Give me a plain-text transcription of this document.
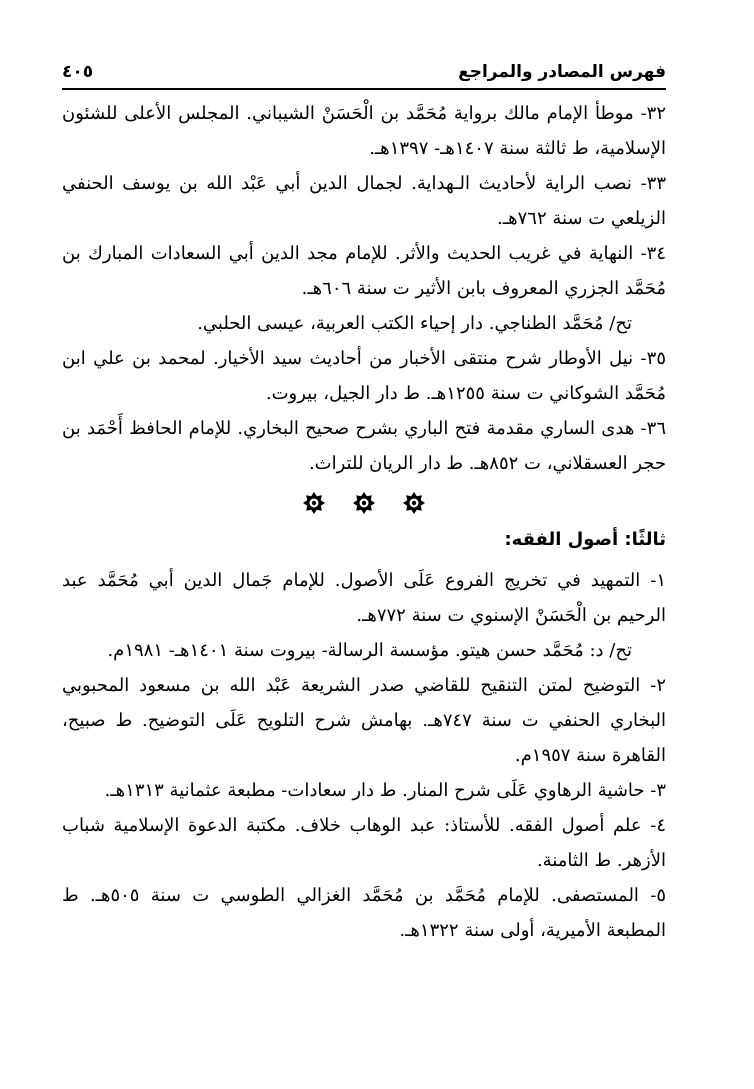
فهرس المصادر والمراجع
٤٠٥

٣٢- موطأ الإمام مالك برواية مُحَمَّد بن الْحَسَنْ الشيباني. المجلس الأعلى للشئون الإسلامية، ط ثالثة سنة ١٤٠٧هـ- ١٣٩٧هـ.

٣٣- نصب الراية لأحاديث الـهداية. لجمال الدين أبي عَبْد الله بن يوسف الحنفي الزيلعي ت سنة ٧٦٢هـ.

٣٤- النهاية في غريب الحديث والأثر. للإمام مجد الدين أبي السعادات المبارك بن مُحَمَّد الجزري المعروف بابن الأثير ت سنة ٦٠٦هـ.

تح/ مُحَمَّد الطناجي. دار إحياء الكتب العربية، عيسى الحلبي.

٣٥- نيل الأوطار شرح منتقى الأخبار من أحاديث سيد الأخيار. لمحمد بن علي ابن مُحَمَّد الشوكاني ت سنة ١٢٥٥هـ. ط دار الجيل، بيروت.

٣٦- هدى الساري مقدمة فتح الباري بشرح صحيح البخاري. للإمام الحافظ أَحْمَد بن حجر العسقلاني، ت ٨٥٢هـ. ط دار الريان للتراث.

ثالثًا: أصول الفقه:

١- التمهيد في تخريج الفروع عَلَى الأصول. للإمام جَمال الدين أبي مُحَمَّد عبد الرحيم بن الْحَسَنْ الإسنوي ت سنة ٧٧٢هـ.

تح/ د: مُحَمَّد حسن هيتو. مؤسسة الرسالة- بيروت سنة ١٤٠١هـ- ١٩٨١م.

٢- التوضيح لمتن التنقيح للقاضي صدر الشريعة عَبْد الله بن مسعود المحبوبي البخاري الحنفي ت سنة ٧٤٧هـ. بهامش شرح التلويح عَلَى التوضيح. ط صبيح، القاهرة سنة ١٩٥٧م.

٣- حاشية الرهاوي عَلَى شرح المنار. ط دار سعادات- مطبعة عثمانية ١٣١٣هـ.

٤- علم أصول الفقه. للأستاذ: عبد الوهاب خلاف. مكتبة الدعوة الإسلامية شباب الأزهر. ط الثامنة.

٥- المستصفى. للإمام مُحَمَّد بن مُحَمَّد الغزالي الطوسي ت سنة ٥٠٥هـ. ط المطبعة الأميرية، أولى سنة ١٣٢٢هـ.
